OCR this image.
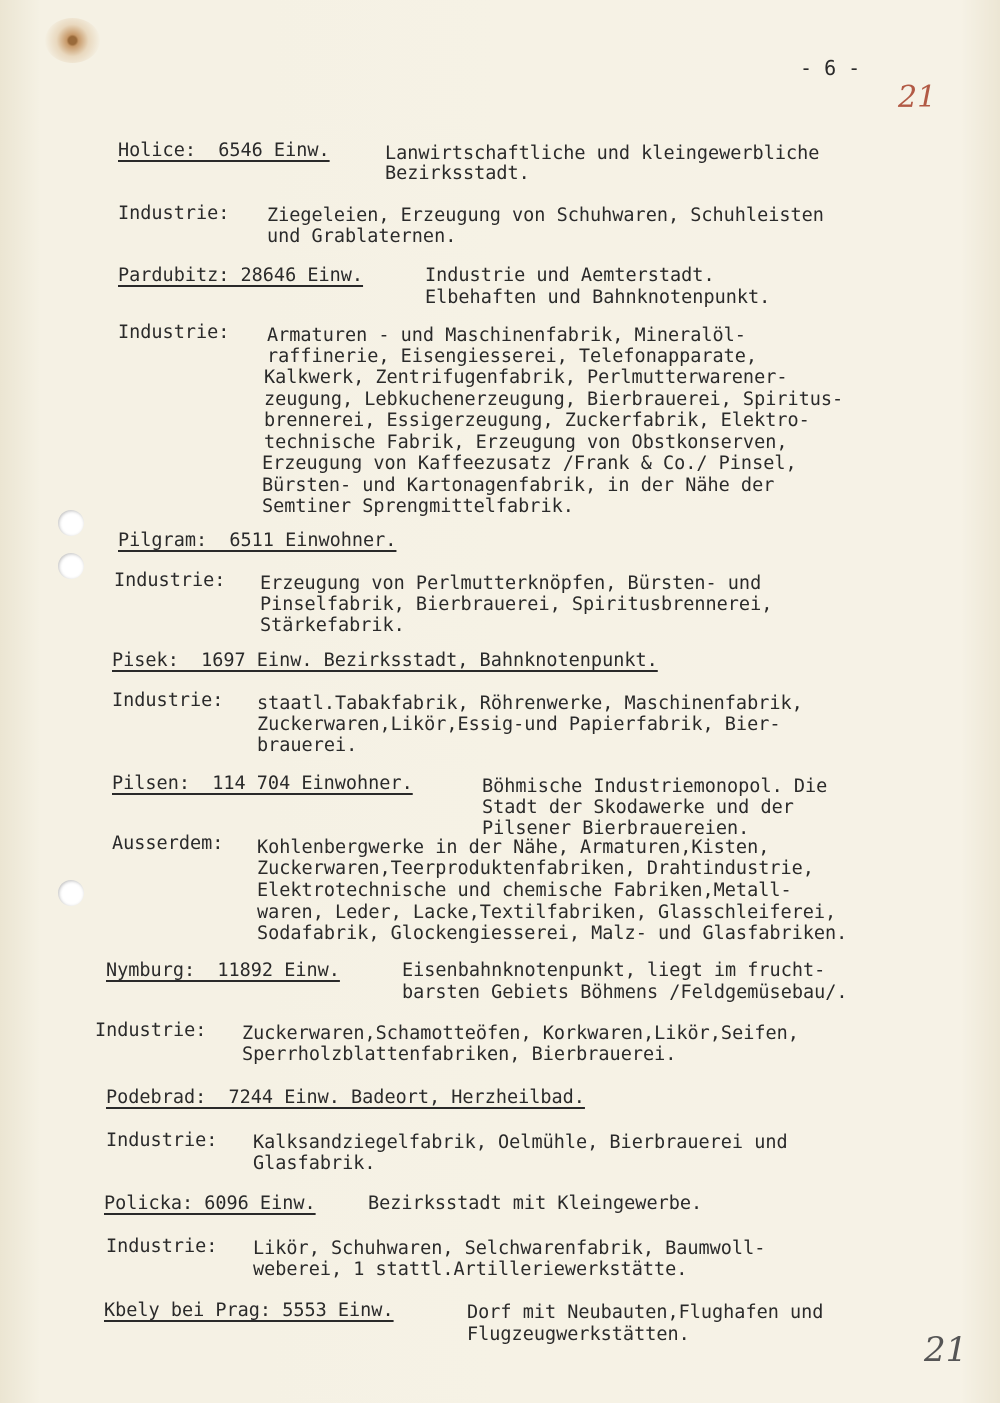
- 6 -
21
21
Holice:  6546 Einw.	Lanwirtschaftliche und kleingewerbliche
Bezirksstadt.
Industrie: Ziegeleien, Erzeugung von Schuhwaren, Schuhleisten
und Grablaternen.
Pardubitz: 28646 Einw.	Industrie und Aemterstadt.
Elbehaften und Bahnknotenpunkt.
Industrie: Armaturen - und Maschinenfabrik, Mineralöl-
raffinerie, Eisengiesserei, Telefonapparate,
Kalkwerk, Zentrifugenfabrik, Perlmutterwarener-
zeugung, Lebkuchenerzeugung, Bierbrauerei, Spiritus-
brennerei, Essigerzeugung, Zuckerfabrik, Elektro-
technische Fabrik, Erzeugung von Obstkonserven,
Erzeugung von Kaffeezusatz /Frank & Co./ Pinsel,
Bürsten- und Kartonagenfabrik, in der Nähe der
Semtiner Sprengmittelfabrik.
Pilgram:  6511 Einwohner.
Industrie: Erzeugung von Perlmutterknöpfen, Bürsten- und
Pinselfabrik, Bierbrauerei, Spiritusbrennerei,
Stärkefabrik.
Pisek:  1697 Einw. Bezirksstadt, Bahnknotenpunkt.
Industrie: staatl.Tabakfabrik, Röhrenwerke, Maschinenfabrik,
Zuckerwaren,Likör,Essig-und Papierfabrik, Bier-
brauerei.
Pilsen:  114 704 Einwohner.	Böhmische Industriemonopol. Die
Stadt der Skodawerke und der
Pilsener Bierbrauereien.
Ausserdem: Kohlenbergwerke in der Nähe, Armaturen,Kisten,
Zuckerwaren,Teerproduktenfabriken, Drahtindustrie,
Elektrotechnische und chemische Fabriken,Metall-
waren, Leder, Lacke,Textilfabriken, Glasschleiferei,
Sodafabrik, Glockengiesserei, Malz- und Glasfabriken.
Nymburg:  11892 Einw.	Eisenbahnknotenpunkt, liegt im frucht-
barsten Gebiets Böhmens /Feldgemüsebau/.
Industrie: Zuckerwaren,Schamotteöfen, Korkwaren,Likör,Seifen,
Sperrholzblattenfabriken, Bierbrauerei.
Podebrad:  7244 Einw. Badeort, Herzheilbad.
Industrie: Kalksandziegelfabrik, Oelmühle, Bierbrauerei und
Glasfabrik.
Policka: 6096 Einw.	Bezirksstadt mit Kleingewerbe.
Industrie: Likör, Schuhwaren, Selchwarenfabrik, Baumwoll-
weberei, 1 stattl.Artilleriewerkstätte.
Kbely bei Prag: 5553 Einw.	Dorf mit Neubauten,Flughafen und
Flugzeugwerkstätten.
